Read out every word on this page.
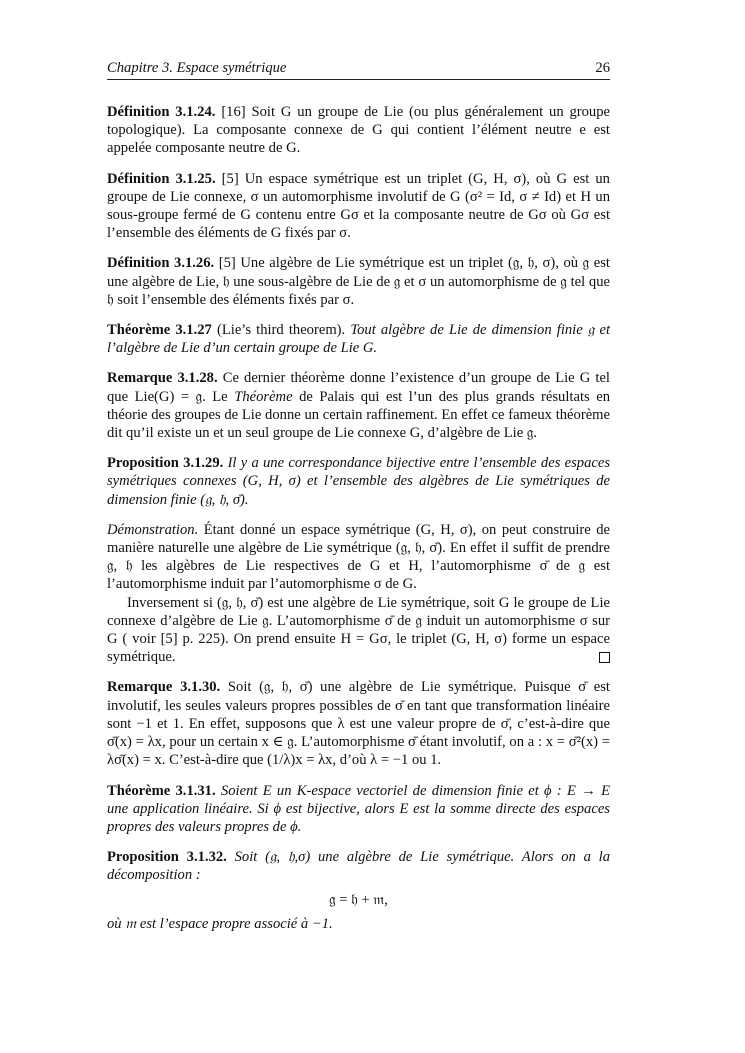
Chapitre 3. Espace symétrique	26

Définition 3.1.24. [16] Soit G un groupe de Lie (ou plus généralement un groupe topologique). La composante connexe de G qui contient l’élément neutre e est appelée composante neutre de G.

Définition 3.1.25. [5] Un espace symétrique est un triplet (G, H, σ), où G est un groupe de Lie connexe, σ un automorphisme involutif de G (σ² = Id, σ ≠ Id) et H un sous-groupe fermé de G contenu entre Gσ et la composante neutre de Gσ où Gσ est l’ensemble des éléments de G fixés par σ.

Définition 3.1.26. [5] Une algèbre de Lie symétrique est un triplet (𝔤, 𝔥, σ), où 𝔤 est une algèbre de Lie, 𝔥 une sous-algèbre de Lie de 𝔤 et σ un automorphisme de 𝔤 tel que 𝔥 soit l’ensemble des éléments fixés par σ.

Théorème 3.1.27 (Lie’s third theorem). Tout algèbre de Lie de dimension finie 𝔤 et l’algèbre de Lie d’un certain groupe de Lie G.

Remarque 3.1.28. Ce dernier théorème donne l’existence d’un groupe de Lie G tel que Lie(G) = 𝔤. Le Théorème de Palais qui est l’un des plus grands résultats en théorie des groupes de Lie donne un certain raffinement. En effet ce fameux théorème dit qu’il existe un et un seul groupe de Lie connexe G, d’algèbre de Lie 𝔤.

Proposition 3.1.29. Il y a une correspondance bijective entre l’ensemble des espaces symétriques connexes (G, H, σ) et l’ensemble des algèbres de Lie symétriques de dimension finie (𝔤, 𝔥, σ̄).

Démonstration. Étant donné un espace symétrique (G, H, σ), on peut construire de manière naturelle une algèbre de Lie symétrique (𝔤, 𝔥, σ̄). En effet il suffit de prendre 𝔤, 𝔥 les algèbres de Lie respectives de G et H, l’automorphisme σ̄ de 𝔤 est l’automorphisme induit par l’automorphisme σ de G.

Inversement si (𝔤, 𝔥, σ̄) est une algèbre de Lie symétrique, soit G le groupe de Lie connexe d’algèbre de Lie 𝔤. L’automorphisme σ̄ de 𝔤 induit un automorphisme σ sur G ( voir [5] p. 225). On prend ensuite H = Gσ, le triplet (G, H, σ) forme un espace symétrique.

Remarque 3.1.30. Soit (𝔤, 𝔥, σ̄) une algèbre de Lie symétrique. Puisque σ̄ est involutif, les seules valeurs propres possibles de σ̄ en tant que transformation linéaire sont −1 et 1. En effet, supposons que λ est une valeur propre de σ̄, c’est-à-dire que σ̄(x) = λx, pour un certain x ∈ 𝔤. L’automorphisme σ̄ étant involutif, on a : x = σ̄²(x) = λσ̄(x) = x. C’est-à-dire que (1/λ)x = λx, d’où λ = −1 ou 1.

Théorème 3.1.31. Soient E un K-espace vectoriel de dimension finie et ϕ : E → E une application linéaire. Si ϕ est bijective, alors E est la somme directe des espaces propres des valeurs propres de ϕ.

Proposition 3.1.32. Soit (𝔤, 𝔥,σ) une algèbre de Lie symétrique. Alors on a la décomposition :

𝔤 = 𝔥 + 𝔪,

où 𝔪 est l’espace propre associé à −1.
